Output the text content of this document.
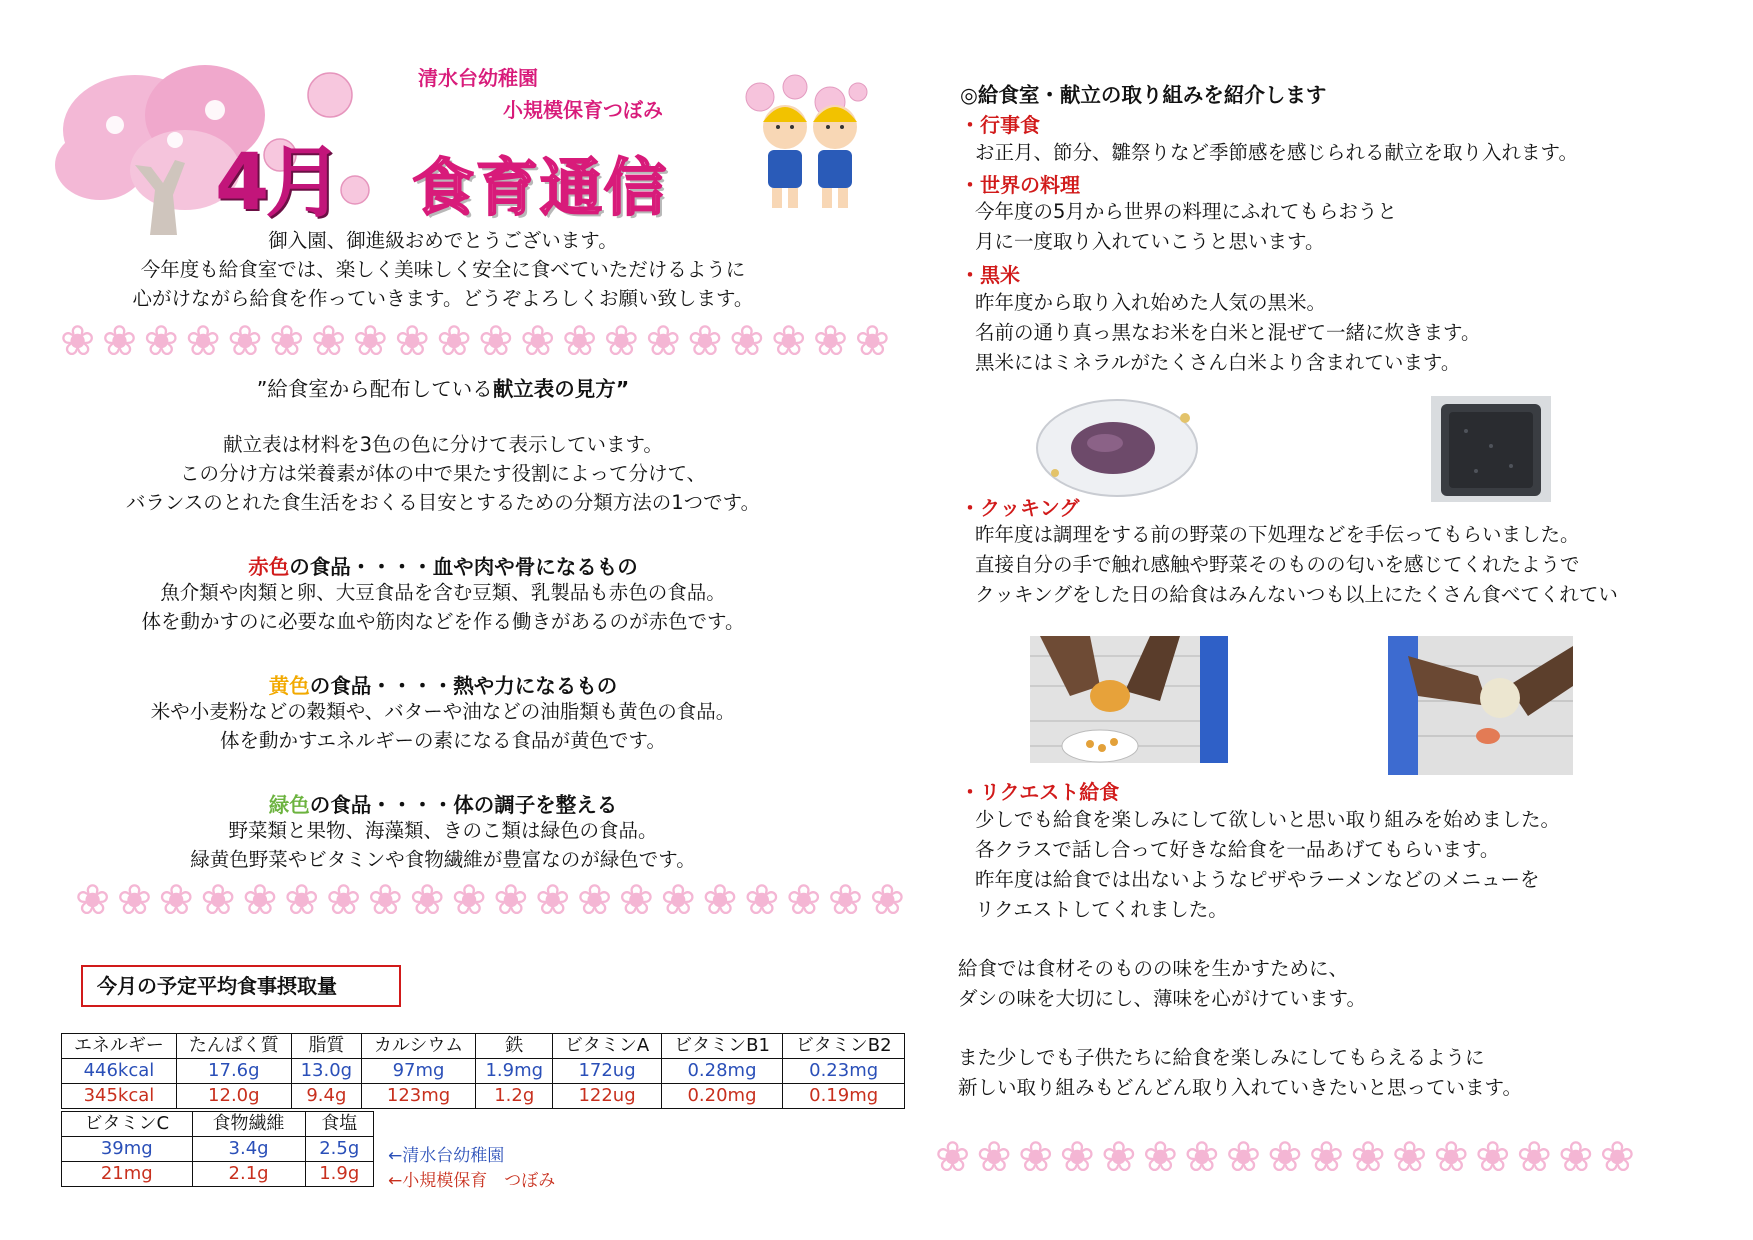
4月
清水台幼稚園
小規模保育つぼみ
食育通信
御入園、御進級おめでとうございます。
今年度も給食室では、楽しく美味しく安全に食べていただけるように
心がけながら給食を作っていきます。どうぞよろしくお願い致します。
❀ ❀ ❀ ❀ ❀ ❀ ❀ ❀ ❀ ❀ ❀ ❀ ❀ ❀ ❀ ❀ ❀ ❀ ❀ ❀
”給食室から配布している献立表の見方”
献立表は材料を3色の色に分けて表示しています。
この分け方は栄養素が体の中で果たす役割によって分けて、
バランスのとれた食生活をおくる目安とするための分類方法の1つです。
赤色の食品・・・・血や肉や骨になるもの
魚介類や肉類と卵、大豆食品を含む豆類、乳製品も赤色の食品。
体を動かすのに必要な血や筋肉などを作る働きがあるのが赤色です。
黄色の食品・・・・熱や力になるもの
米や小麦粉などの穀類や、バターや油などの油脂類も黄色の食品。
体を動かすエネルギーの素になる食品が黄色です。
緑色の食品・・・・体の調子を整える
野菜類と果物、海藻類、きのこ類は緑色の食品。
緑黄色野菜やビタミンや食物繊維が豊富なのが緑色です。
❀ ❀ ❀ ❀ ❀ ❀ ❀ ❀ ❀ ❀ ❀ ❀ ❀ ❀ ❀ ❀ ❀ ❀ ❀ ❀
今月の予定平均食事摂取量
エネルギー	たんぱく質	脂質	カルシウム	鉄	ビタミンA	ビタミンB1	ビタミンB2
446kcal	17.6g	13.0g	97mg	1.9mg	172ug	0.28mg	0.23mg
345kcal	12.0g	9.4g	123mg	1.2g	122ug	0.20mg	0.19mg
ビタミンC	食物繊維	食塩
39mg	3.4g	2.5g
21mg	2.1g	1.9g
←清水台幼稚園
←小規模保育　つぼみ
◎給食室・献立の取り組みを紹介します
・行事食
お正月、節分、雛祭りなど季節感を感じられる献立を取り入れます。
・世界の料理
今年度の5月から世界の料理にふれてもらおうと
月に一度取り入れていこうと思います。
・黒米
昨年度から取り入れ始めた人気の黒米。
名前の通り真っ黒なお米を白米と混ぜて一緒に炊きます。
黒米にはミネラルがたくさん白米より含まれています。
・クッキング
昨年度は調理をする前の野菜の下処理などを手伝ってもらいました。
直接自分の手で触れ感触や野菜そのものの匂いを感じてくれたようで
クッキングをした日の給食はみんないつも以上にたくさん食べてくれてい
・リクエスト給食
少しでも給食を楽しみにして欲しいと思い取り組みを始めました。
各クラスで話し合って好きな給食を一品あげてもらいます。
昨年度は給食では出ないようなピザやラーメンなどのメニューを
リクエストしてくれました。
給食では食材そのものの味を生かすために、
ダシの味を大切にし、薄味を心がけています。
また少しでも子供たちに給食を楽しみにしてもらえるように
新しい取り組みもどんどん取り入れていきたいと思っています。
❀ ❀ ❀ ❀ ❀ ❀ ❀ ❀ ❀ ❀ ❀ ❀ ❀ ❀ ❀ ❀ ❀
